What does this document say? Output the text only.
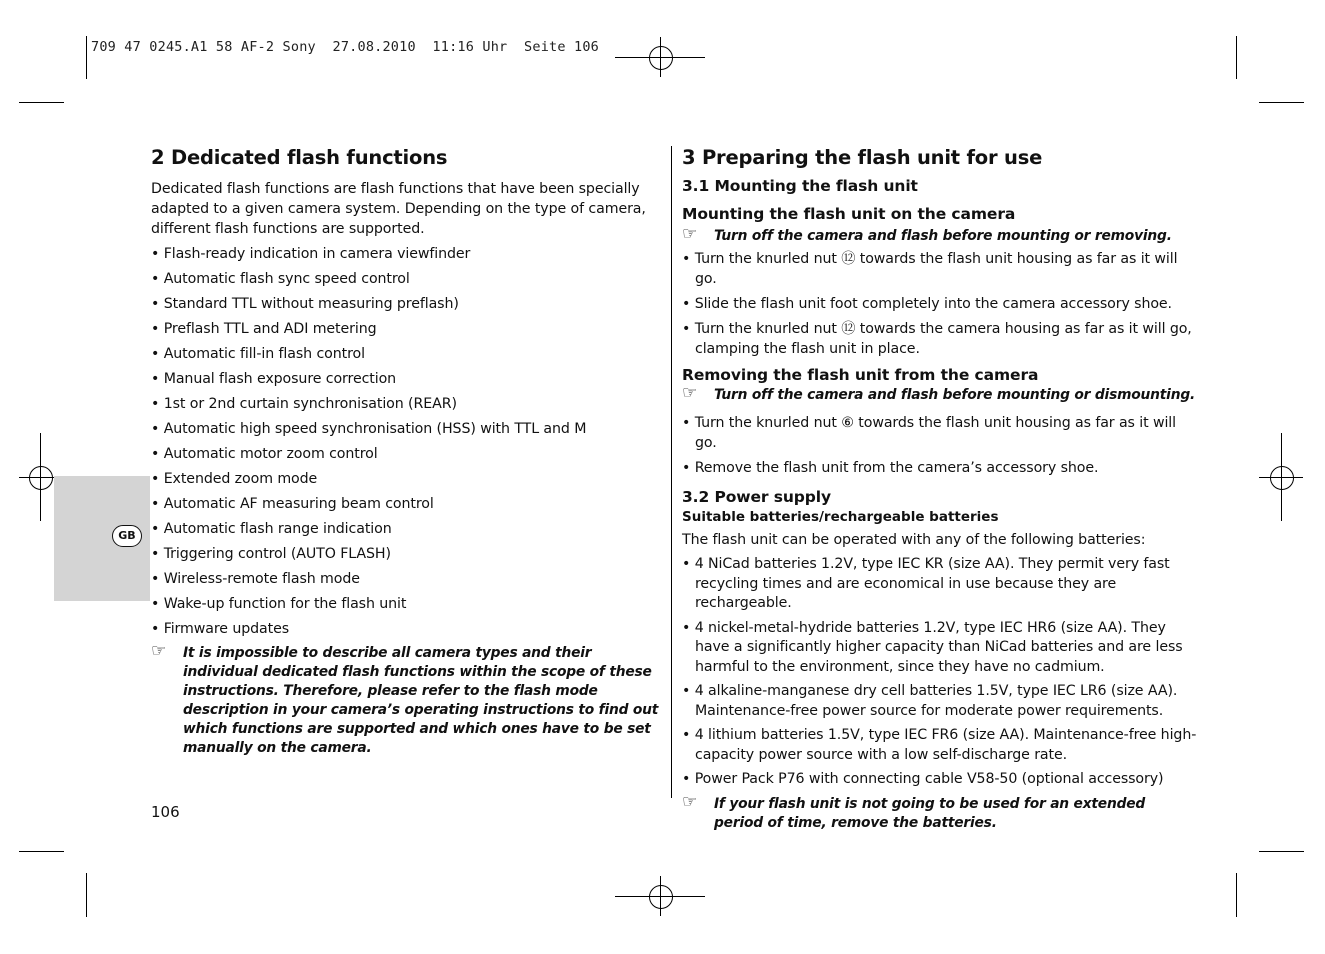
709 47 0245.A1 58 AF-2 Sony  27.08.2010  11:16 Uhr  Seite 106
GB
2 Dedicated flash functions

Dedicated flash functions are flash functions that have been specially adapted to a given camera system. Depending on the type of camera, different flash functions are supported.

• Flash-ready indication in camera viewfinder
• Automatic flash sync speed control
• Standard TTL without measuring preflash)
• Preflash TTL and ADI metering
• Automatic fill-in flash control
• Manual flash exposure correction
• 1st or 2nd curtain synchronisation (REAR)
• Automatic high speed synchronisation (HSS) with TTL and M
• Automatic motor zoom control
• Extended zoom mode
• Automatic AF measuring beam control
• Automatic flash range indication
• Triggering control (AUTO FLASH)
• Wireless-remote flash mode
• Wake-up function for the flash unit
• Firmware updates
☞ It is impossible to describe all camera types and their individual dedicated flash functions within the scope of these instructions. Therefore, please refer to the flash mode description in your camera’s operating instructions to find out which functions are supported and which ones have to be set manually on the camera.
3 Preparing the flash unit for use
3.1 Mounting the flash unit
Mounting the flash unit on the camera
☞ Turn off the camera and flash before mounting or removing.
• Turn the knurled nut ⑫ towards the flash unit housing as far as it will go.
• Slide the flash unit foot completely into the camera accessory shoe.
• Turn the knurled nut ⑫ towards the camera housing as far as it will go, clamping the flash unit in place.
Removing the flash unit from the camera
☞ Turn off the camera and flash before mounting or dismounting.
• Turn the knurled nut ⑥ towards the flash unit housing as far as it will go.
• Remove the flash unit from the camera’s accessory shoe.
3.2 Power supply
Suitable batteries/rechargeable batteries

The flash unit can be operated with any of the following batteries:

• 4 NiCad batteries 1.2V, type IEC KR (size AA). They permit very fast recycling times and are economical in use because they are rechargeable.
• 4 nickel-metal-hydride batteries 1.2V, type IEC HR6 (size AA). They have a significantly higher capacity than NiCad batteries and are less harmful to the environment, since they have no cadmium.
• 4 alkaline-manganese dry cell batteries 1.5V, type IEC LR6 (size AA). Maintenance-free power source for moderate power requirements.
• 4 lithium batteries 1.5V, type IEC FR6 (size AA). Maintenance-free high-capacity power source with a low self-discharge rate.
• Power Pack P76 with connecting cable V58-50 (optional accessory)
☞ If your flash unit is not going to be used for an extended period of time, remove the batteries.
106
